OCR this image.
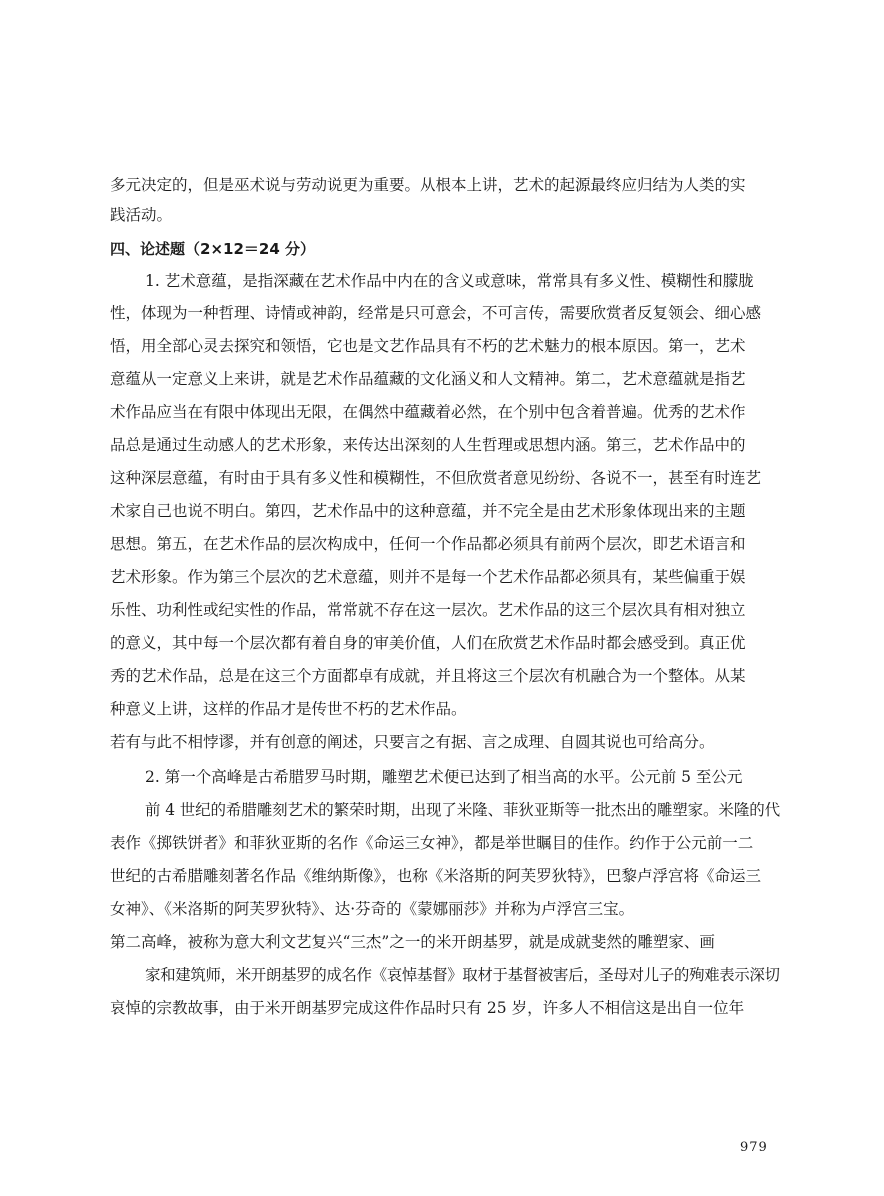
多元决定的，但是巫术说与劳动说更为重要。从根本上讲，艺术的起源最终应归结为人类的实
践活动。
四、论述题（2×12＝24 分）
1. 艺术意蕴，是指深藏在艺术作品中内在的含义或意味，常常具有多义性、模糊性和朦胧
性，体现为一种哲理、诗情或神韵，经常是只可意会，不可言传，需要欣赏者反复领会、细心感
悟，用全部心灵去探究和领悟，它也是文艺作品具有不朽的艺术魅力的根本原因。第一，艺术
意蕴从一定意义上来讲，就是艺术作品蕴藏的文化涵义和人文精神。第二，艺术意蕴就是指艺
术作品应当在有限中体现出无限，在偶然中蕴藏着必然，在个别中包含着普遍。优秀的艺术作
品总是通过生动感人的艺术形象，来传达出深刻的人生哲理或思想内涵。第三，艺术作品中的
这种深层意蕴，有时由于具有多义性和模糊性，不但欣赏者意见纷纷、各说不一，甚至有时连艺
术家自己也说不明白。第四，艺术作品中的这种意蕴，并不完全是由艺术形象体现出来的主题
思想。第五，在艺术作品的层次构成中，任何一个作品都必须具有前两个层次，即艺术语言和
艺术形象。作为第三个层次的艺术意蕴，则并不是每一个艺术作品都必须具有，某些偏重于娱
乐性、功利性或纪实性的作品，常常就不存在这一层次。艺术作品的这三个层次具有相对独立
的意义，其中每一个层次都有着自身的审美价值，人们在欣赏艺术作品时都会感受到。真正优
秀的艺术作品，总是在这三个方面都卓有成就，并且将这三个层次有机融合为一个整体。从某
种意义上讲，这样的作品才是传世不朽的艺术作品。
若有与此不相悖谬，并有创意的阐述，只要言之有据、言之成理、自圆其说也可给高分。
2. 第一个高峰是古希腊罗马时期，雕塑艺术便已达到了相当高的水平。公元前 5 至公元
前 4 世纪的希腊雕刻艺术的繁荣时期，出现了米隆、菲狄亚斯等一批杰出的雕塑家。米隆的代
表作《掷铁饼者》和菲狄亚斯的名作《命运三女神》，都是举世瞩目的佳作。约作于公元前一二
世纪的古希腊雕刻著名作品《维纳斯像》，也称《米洛斯的阿芙罗狄特》，巴黎卢浮宫将《命运三
女神》、《米洛斯的阿芙罗狄特》、达·芬奇的《蒙娜丽莎》并称为卢浮宫三宝。
第二高峰，被称为意大利文艺复兴“三杰”之一的米开朗基罗，就是成就斐然的雕塑家、画
家和建筑师，米开朗基罗的成名作《哀悼基督》取材于基督被害后，圣母对儿子的殉难表示深切
哀悼的宗教故事，由于米开朗基罗完成这件作品时只有 25 岁，许多人不相信这是出自一位年
979
